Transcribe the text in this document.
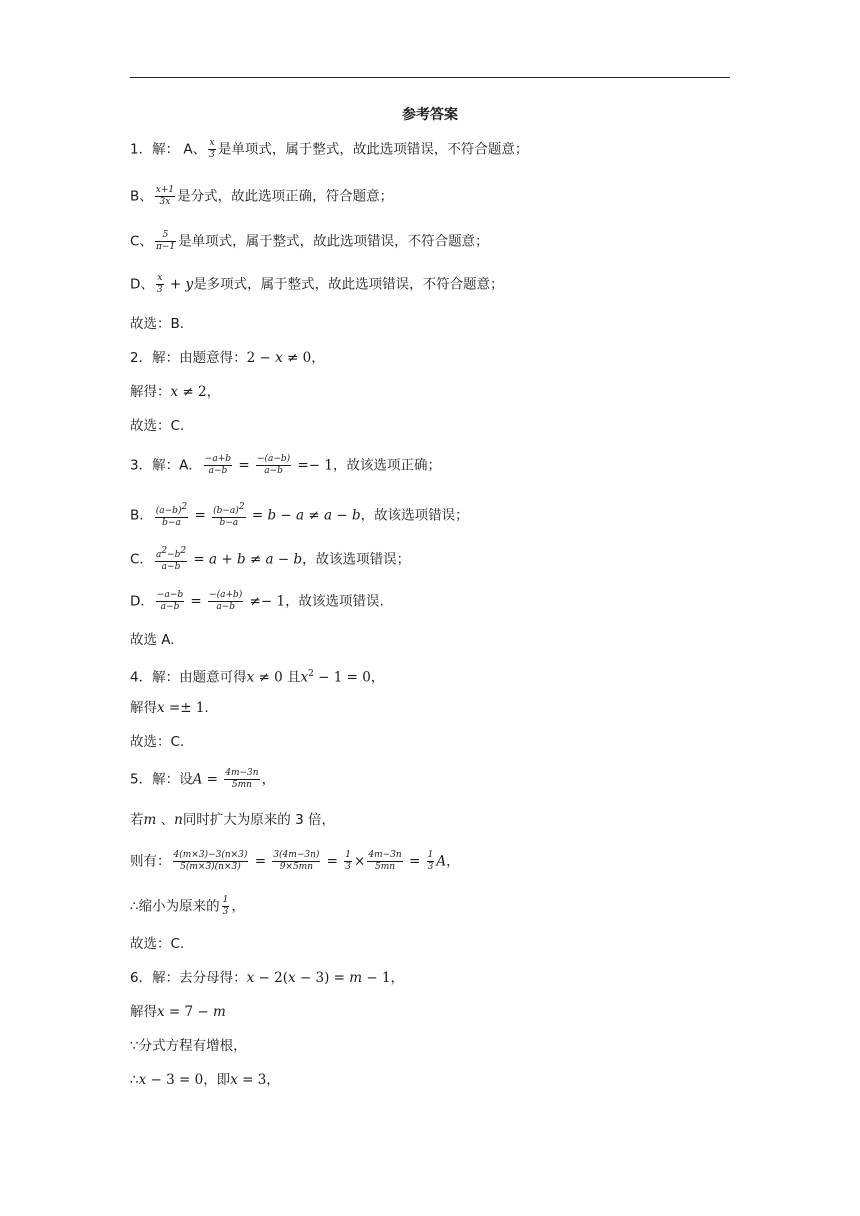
参考答案
1．解： A、 $\frac{x}{3}$ 是单项式，属于整式，故此选项错误，不符合题意；
B、 $\frac{x+1}{3x}$ 是分式，故此选项正确，符合题意；
C、 $\frac{5}{\pi-1}$ 是单项式，属于整式，故此选项错误，不符合题意；
D、 $\frac{x}{3} + y$是多项式，属于整式，故此选项错误，不符合题意；
故选：B.
2．解：由题意得：2 − x ≠ 0，
解得：x ≠ 2，
故选：C.
3．解：A． $\frac{-a+b}{a-b} = \frac{-(a-b)}{a-b} =- 1$，故该选项正确；
B． $\frac{(a-b)^2}{b-a} = \frac{(b-a)^2}{b-a} = b - a \ne a - b$，故该选项错误；
C． $\frac{a^2-b^2}{a-b} = a + b \ne a - b$，故该选项错误；
D． $\frac{-a-b}{a-b} = \frac{-(a+b)}{a-b} \ne- 1$，故该选项错误.
故选 A.
4．解：由题意可得x ≠ 0 且$x^2 - 1 = 0$，
解得x =± 1.
故选：C.
5．解：设$A = \frac{4m-3n}{5mn}$ ，
若m 、n同时扩大为原来的 3 倍，
则有： $\frac{4(m\times 3)-3(n\times 3)}{5(m\times 3)(n\times 3)} = \frac{3(4m-3n)}{9\times 5mn} = \frac{1}{3} \times \frac{4m-3n}{5mn} = \frac{1}{3}$ A，
∴缩小为原来的 $\frac{1}{3}$ ，
故选：C.
6．解：去分母得：x − 2(x − 3) = m − 1，
解得x = 7 − m
∵分式方程有增根，
∴x − 3 = 0，即x = 3，
